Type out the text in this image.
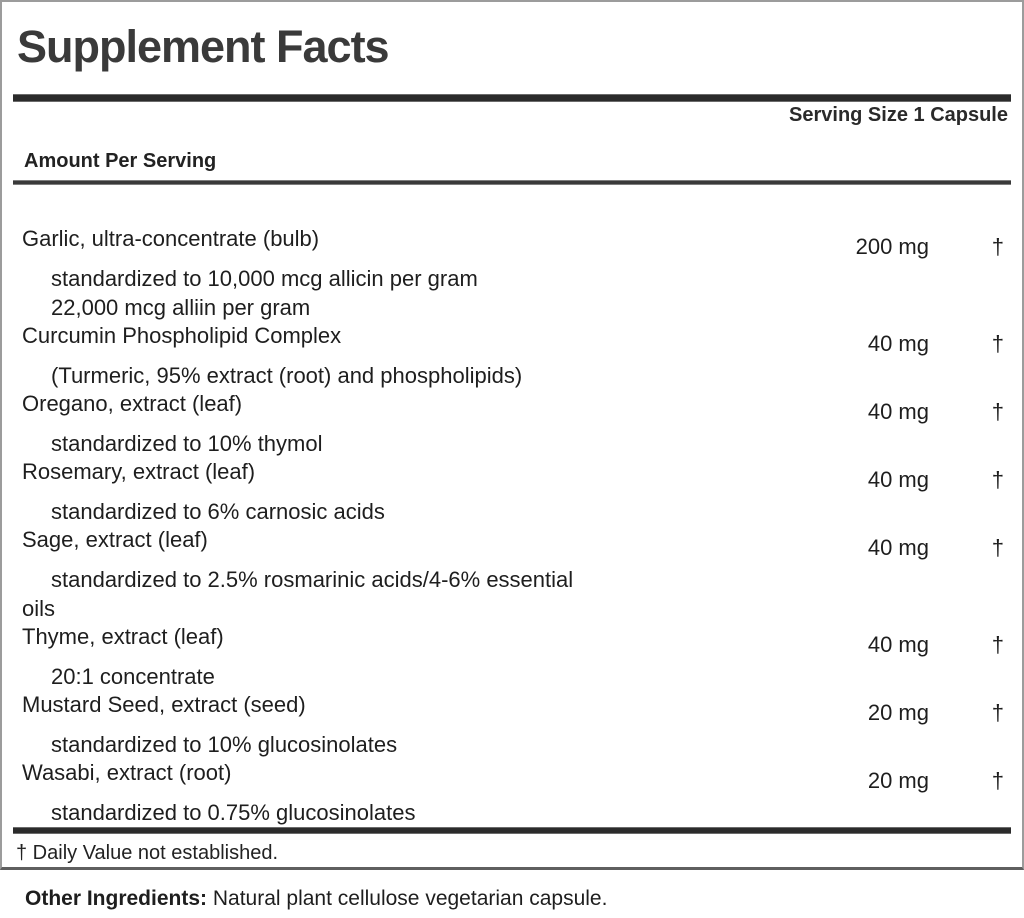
Supplement Facts
Serving Size 1 Capsule
Amount Per Serving
Garlic, ultra-concentrate (bulb)	200 mg	†
standardized to 10,000 mcg allicin per gram
22,000 mcg alliin per gram
Curcumin Phospholipid Complex	40 mg	†
(Turmeric, 95% extract (root) and phospholipids)
Oregano, extract (leaf)	40 mg	†
standardized to 10% thymol
Rosemary, extract (leaf)	40 mg	†
standardized to 6% carnosic acids
Sage, extract (leaf)	40 mg	†
standardized to 2.5% rosmarinic acids/4-6% essential
oils
Thyme, extract (leaf)	40 mg	†
20:1 concentrate
Mustard Seed, extract (seed)	20 mg	†
standardized to 10% glucosinolates
Wasabi, extract (root)	20 mg	†
standardized to 0.75% glucosinolates
† Daily Value not established.
Other Ingredients: Natural plant cellulose vegetarian capsule.
